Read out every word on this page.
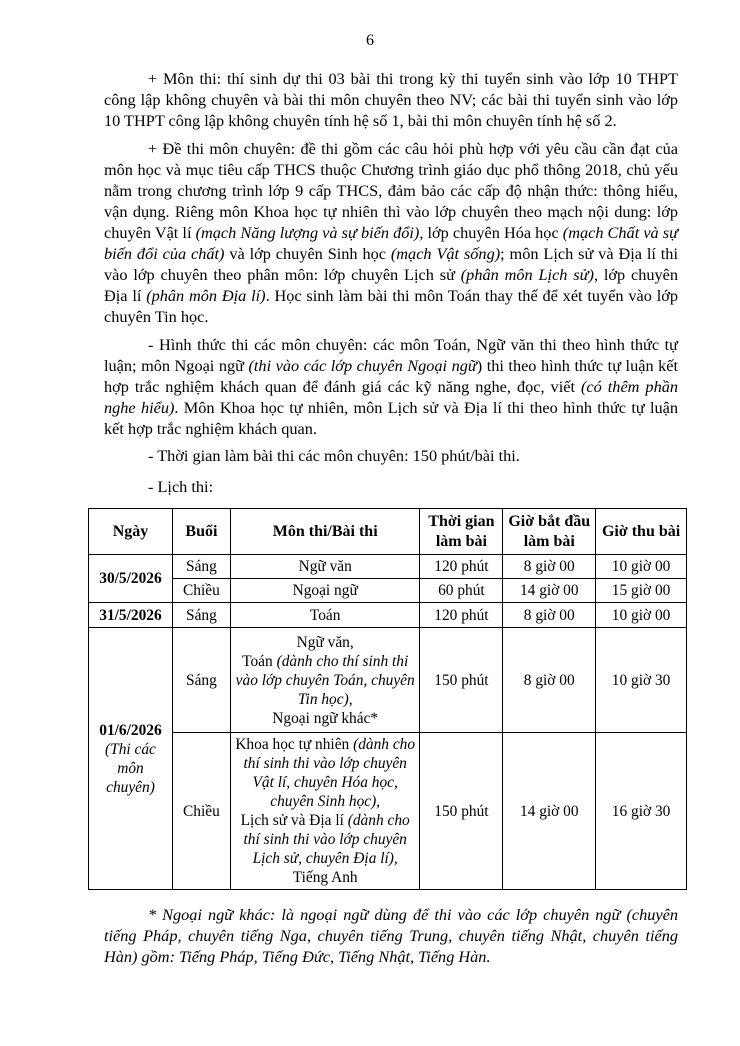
6

+ Môn thi: thí sinh dự thi 03 bài thi trong kỳ thi tuyển sinh vào lớp 10 THPT công lập không chuyên và bài thi môn chuyên theo NV; các bài thi tuyển sinh vào lớp 10 THPT công lập không chuyên tính hệ số 1, bài thi môn chuyên tính hệ số 2.

+ Đề thi môn chuyên: đề thi gồm các câu hỏi phù hợp với yêu cầu cần đạt của môn học và mục tiêu cấp THCS thuộc Chương trình giáo dục phổ thông 2018, chủ yếu nằm trong chương trình lớp 9 cấp THCS, đảm bảo các cấp độ nhận thức: thông hiểu, vận dụng. Riêng môn Khoa học tự nhiên thì vào lớp chuyên theo mạch nội dung: lớp chuyên Vật lí (mạch Năng lượng và sự biến đổi), lớp chuyên Hóa học (mạch Chất và sự biến đổi của chất) và lớp chuyên Sinh học (mạch Vật sống); môn Lịch sử và Địa lí thi vào lớp chuyên theo phân môn: lớp chuyên Lịch sử (phân môn Lịch sử), lớp chuyên Địa lí (phân môn Địa lí). Học sinh làm bài thi môn Toán thay thế để xét tuyển vào lớp chuyên Tin học.

- Hình thức thi các môn chuyên: các môn Toán, Ngữ văn thi theo hình thức tự luận; môn Ngoại ngữ (thi vào các lớp chuyên Ngoại ngữ) thi theo hình thức tự luận kết hợp trắc nghiệm khách quan để đánh giá các kỹ năng nghe, đọc, viết (có thêm phần nghe hiểu). Môn Khoa học tự nhiên, môn Lịch sử và Địa lí thi theo hình thức tự luận kết hợp trắc nghiệm khách quan.

- Thời gian làm bài thi các môn chuyên: 150 phút/bài thi.

- Lịch thi:

Ngày	Buổi	Môn thi/Bài thi	Thời gian làm bài	Giờ bắt đầu làm bài	Giờ thu bài
30/5/2026	Sáng	Ngữ văn	120 phút	8 giờ 00	10 giờ 00
	Chiều	Ngoại ngữ	60 phút	14 giờ 00	15 giờ 00
31/5/2026	Sáng	Toán	120 phút	8 giờ 00	10 giờ 00
01/6/2026
(Thi các môn chuyên)	Sáng	Ngữ văn,
Toán (dành cho thí sinh thi vào lớp chuyên Toán, chuyên Tin học),
Ngoại ngữ khác*	150 phút	8 giờ 00	10 giờ 30
	Chiều	Khoa học tự nhiên (dành cho thí sinh thi vào lớp chuyên Vật lí, chuyên Hóa học, chuyên Sinh học),
Lịch sử và Địa lí (dành cho thí sinh thi vào lớp chuyên Lịch sử, chuyên Địa lí),
Tiếng Anh	150 phút	14 giờ 00	16 giờ 30

* Ngoại ngữ khác: là ngoại ngữ dùng để thi vào các lớp chuyên ngữ (chuyên tiếng Pháp, chuyên tiếng Nga, chuyên tiếng Trung, chuyên tiếng Nhật, chuyên tiếng Hàn) gồm: Tiếng Pháp, Tiếng Đức, Tiếng Nhật, Tiếng Hàn.
